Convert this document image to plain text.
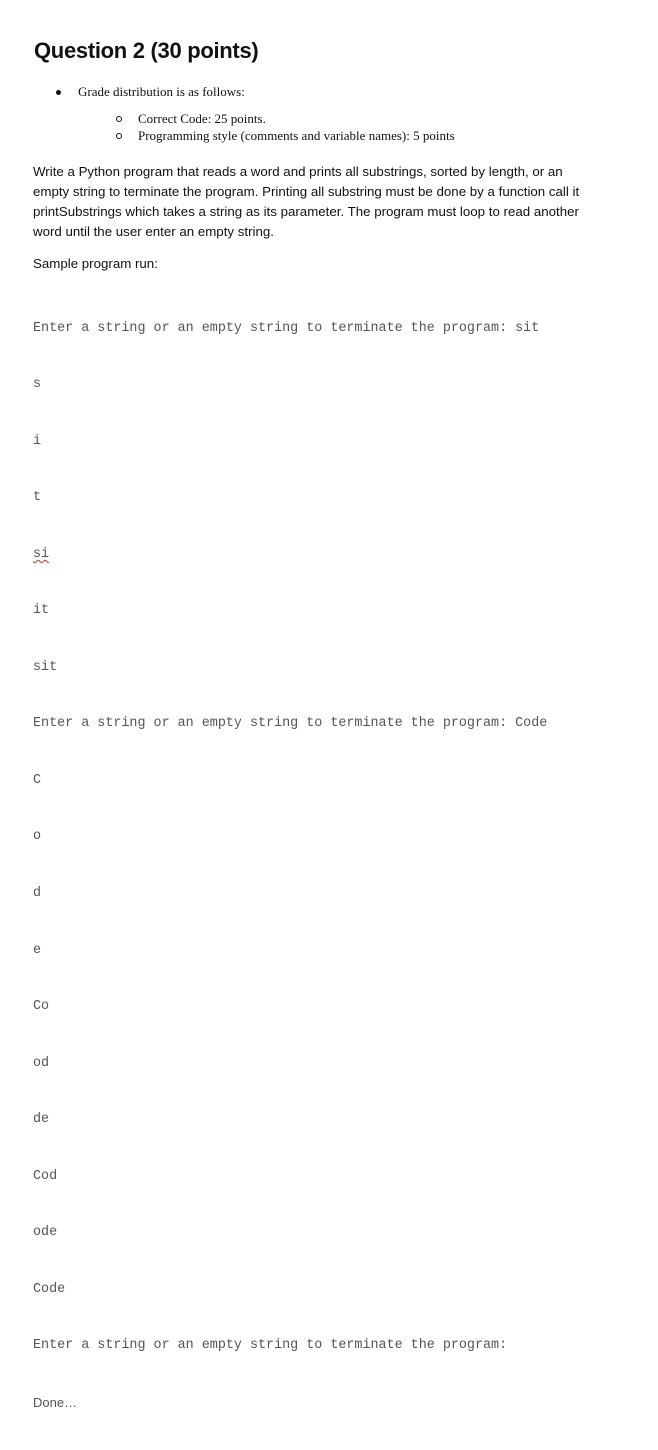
Question 2 (30 points)
Grade distribution is as follows:
Correct Code: 25 points.
Programming style (comments and variable names): 5 points
Write a Python program that reads a word and prints all substrings, sorted by length, or an
empty string to terminate the program. Printing all substring must be done by a function call it
printSubstrings which takes a string as its parameter. The program must loop to read another
word until the user enter an empty string.
Sample program run:

Enter a string or an empty string to terminate the program: sit

s

i

t

si

it

sit

Enter a string or an empty string to terminate the program: Code

C

o

d

e

Co

od

de

Cod

ode

Code

Enter a string or an empty string to terminate the program:

Done…
